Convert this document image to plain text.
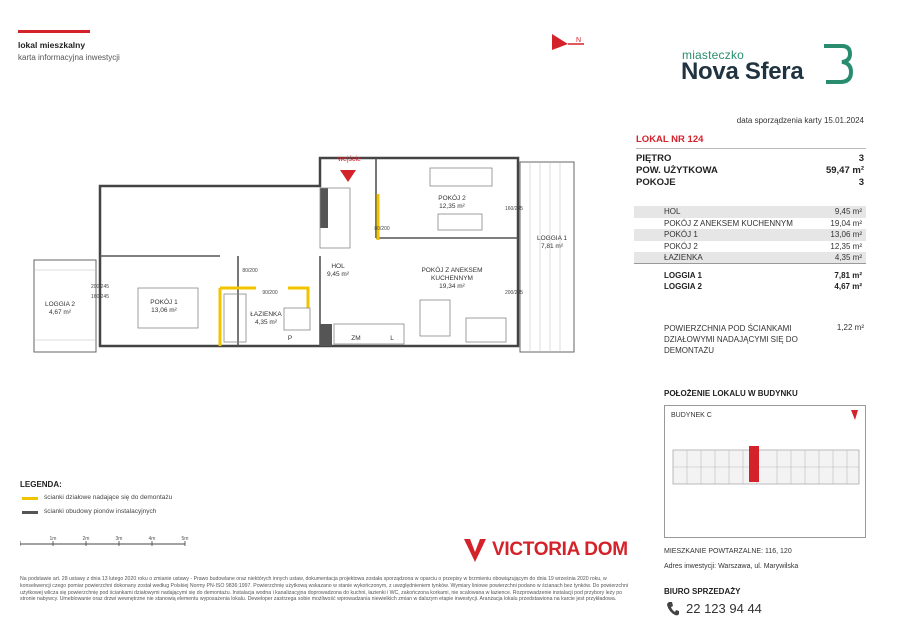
lokal mieszkalny
karta informacyjna inwestycji
N
miasteczko
Nova Sfera
data sporządzenia karty 15.01.2024
LOKAL NR 124
PIĘTRO	3
POW. UŻYTKOWA	59,47 m²
POKOJE	3
HOL	9,45 m²
POKÓJ Z ANEKSEM KUCHENNYM	19,04 m²
POKÓJ 1	13,06 m²
POKÓJ 2	12,35 m²
ŁAZIENKA	4,35 m²
LOGGIA 1	7,81 m²
LOGGIA 2	4,67 m²
POWIERZCHNIA POD ŚCIANKAMI DZIAŁOWYMI NADAJĄCYMI SIĘ DO DEMONTAŻU
1,22 m²
POŁOŻENIE LOKALU W BUDYNKU
BUDYNEK C
MIESZKANIE POWTARZALNE: 116, 120
Adres inwestycji: Warszawa, ul. Marywilska
BIURO SPRZEDAŻY
22 123 94 44
wejście
POKÓJ 2
12,35 m²
HOL
9,45 m²
POKÓJ Z ANEKSEM
KUCHENNYM
19,34 m²
POKÓJ 1
13,06 m²
ŁAZIENKA
4,35 m²
LOGGIA 1
7,81 m²
LOGGIA 2
4,67 m²
ZM	L
P
80/200
80/200
90/200
160/245
200/245
200/245
160/245
LEGENDA:
ścianki działowe nadające się do demontażu
ścianki obudowy pionów instalacyjnych
1m	2m	3m	4m	5m	VICTORIA DOM
Na podstawie art. 28 ustawy z dnia 13 lutego 2020 roku o zmianie ustawy - Prawo budowlane oraz niektórych innych ustaw, dokumentacja projektowa została sporządzona w oparciu o przepisy w brzmieniu obowiązującym do dnia 19 września 2020 roku, w konsekwencji czego pomiar powierzchni dokonany został według Polskiej Normy PN-ISO 9836:1997. Powierzchnię użytkową wskazano w stanie wykończonym, z uwzględnieniem tynków. Wymiary liniowe powierzchni podano w ścianach bez tynków. Do powierzchni użytkowej wlicza się powierzchnię pod ściankami działowymi nadającymi się do demontażu. Instalacja wodna i kanalizacyjna doprowadzona do kuchni, łazienki i WC, zakończona korkami, nie scalowana w łazience. Rozprowadzenie instalacji pod przybory leży po stronie nabywcy. Umeblowanie oraz drzwi wewnętrzne nie stanowią elementu wyposażenia lokalu. Deweloper zastrzega sobie możliwość wprowadzania niewielkich zmian w dalszym etapie inwestycji. Aranżacja lokalu przedstawiona na karcie jest przykładowa.
